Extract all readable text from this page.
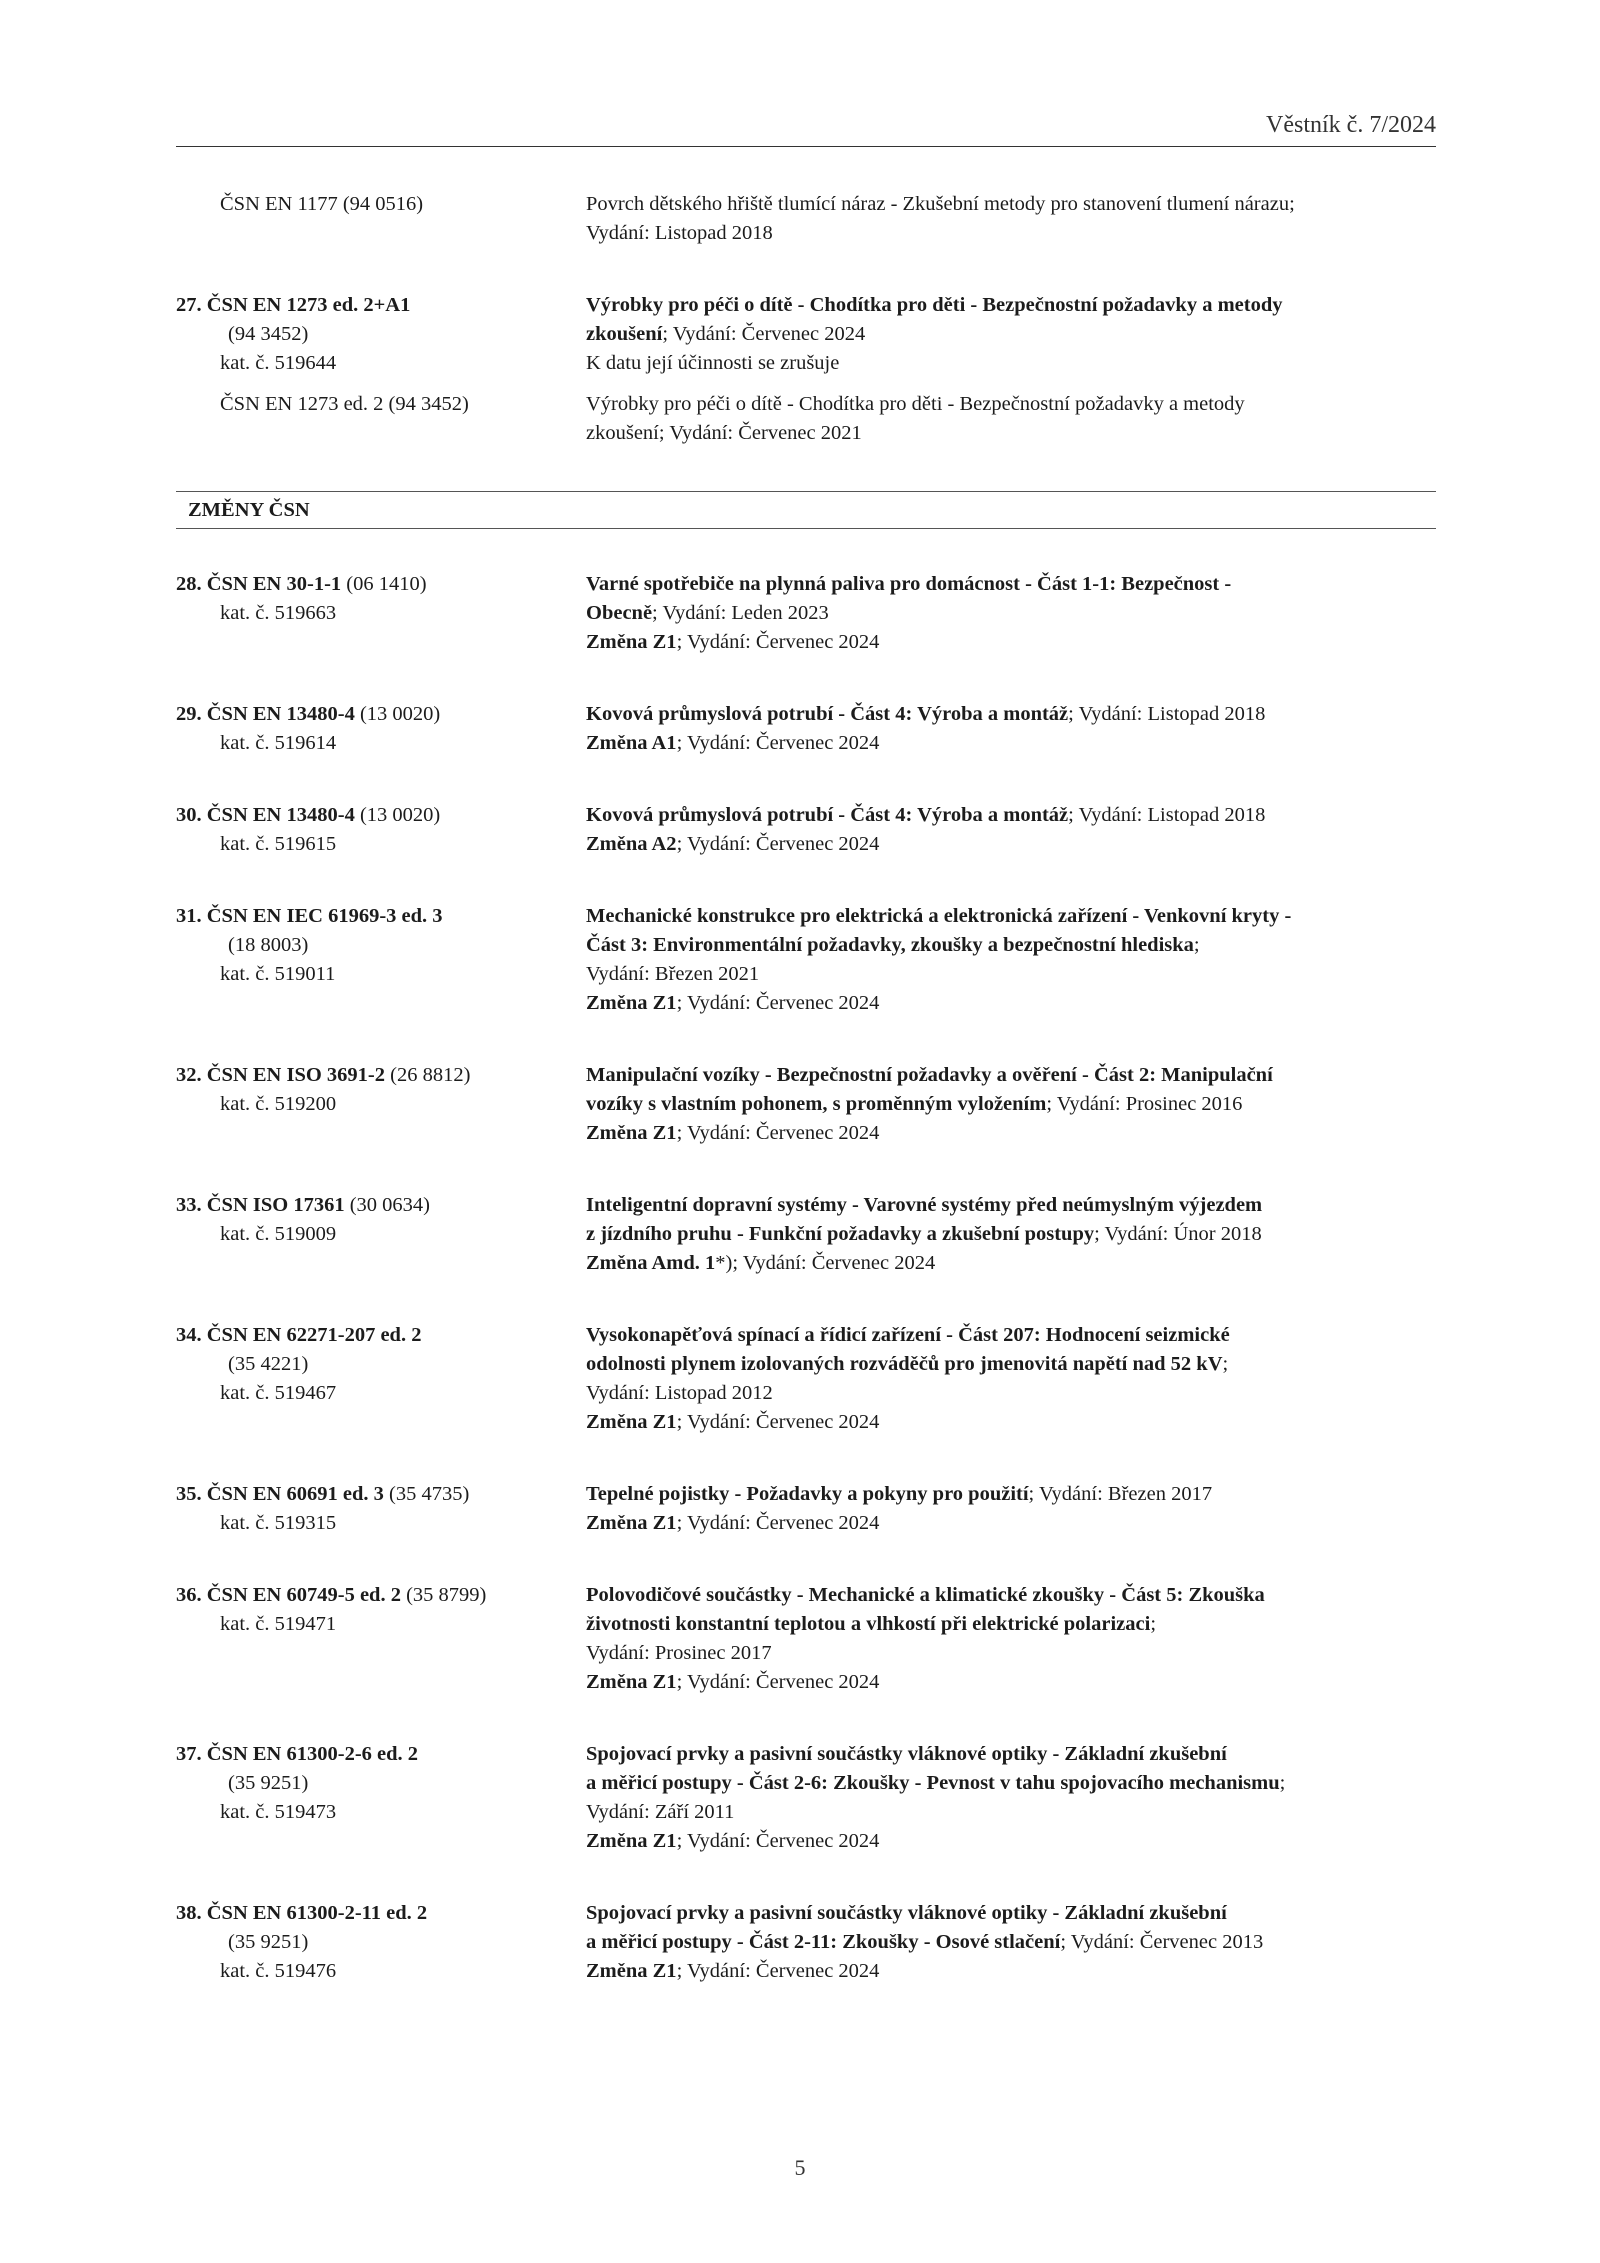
Věstník č. 7/2024
ČSN EN 1177 (94 0516)	Povrch dětského hřiště tlumící náraz - Zkušební metody pro stanovení tlumení nárazu;
Vydání: Listopad 2018
27. ČSN EN 1273 ed. 2+A1
(94 3452)
kat. č. 519644
Výrobky pro péči o dítě - Chodítka pro děti - Bezpečnostní požadavky a metody
zkoušení; Vydání: Červenec 2024
K datu její účinnosti se zrušuje
ČSN EN 1273 ed. 2 (94 3452)	Výrobky pro péči o dítě - Chodítka pro děti - Bezpečnostní požadavky a metody
zkoušení; Vydání: Červenec 2021
ZMĚNY ČSN
28. ČSN EN 30-1-1 (06 1410)
kat. č. 519663
Varné spotřebiče na plynná paliva pro domácnost - Část 1-1: Bezpečnost -
Obecně; Vydání: Leden 2023
Změna Z1; Vydání: Červenec 2024
29. ČSN EN 13480-4 (13 0020)
kat. č. 519614
Kovová průmyslová potrubí - Část 4: Výroba a montáž; Vydání: Listopad 2018
Změna A1; Vydání: Červenec 2024
30. ČSN EN 13480-4 (13 0020)
kat. č. 519615
Kovová průmyslová potrubí - Část 4: Výroba a montáž; Vydání: Listopad 2018
Změna A2; Vydání: Červenec 2024
31. ČSN EN IEC 61969-3 ed. 3
(18 8003)
kat. č. 519011
Mechanické konstrukce pro elektrická a elektronická zařízení - Venkovní kryty -
Část 3: Environmentální požadavky, zkoušky a bezpečnostní hlediska;
Vydání: Březen 2021
Změna Z1; Vydání: Červenec 2024
32. ČSN EN ISO 3691-2 (26 8812)
kat. č. 519200
Manipulační vozíky - Bezpečnostní požadavky a ověření - Část 2: Manipulační
vozíky s vlastním pohonem, s proměnným vyložením; Vydání: Prosinec 2016
Změna Z1; Vydání: Červenec 2024
33. ČSN ISO 17361 (30 0634)
kat. č. 519009
Inteligentní dopravní systémy - Varovné systémy před neúmyslným výjezdem
z jízdního pruhu - Funkční požadavky a zkušební postupy; Vydání: Únor 2018
Změna Amd. 1*); Vydání: Červenec 2024
34. ČSN EN 62271-207 ed. 2
(35 4221)
kat. č. 519467
Vysokonapěťová spínací a řídicí zařízení - Část 207: Hodnocení seizmické
odolnosti plynem izolovaných rozváděčů pro jmenovitá napětí nad 52 kV;
Vydání: Listopad 2012
Změna Z1; Vydání: Červenec 2024
35. ČSN EN 60691 ed. 3 (35 4735)
kat. č. 519315
Tepelné pojistky - Požadavky a pokyny pro použití; Vydání: Březen 2017
Změna Z1; Vydání: Červenec 2024
36. ČSN EN 60749-5 ed. 2 (35 8799)
kat. č. 519471
Polovodičové součástky - Mechanické a klimatické zkoušky - Část 5: Zkouška
životnosti konstantní teplotou a vlhkostí při elektrické polarizaci;
Vydání: Prosinec 2017
Změna Z1; Vydání: Červenec 2024
37. ČSN EN 61300-2-6 ed. 2
(35 9251)
kat. č. 519473
Spojovací prvky a pasivní součástky vláknové optiky - Základní zkušební
a měřicí postupy - Část 2-6: Zkoušky - Pevnost v tahu spojovacího mechanismu;
Vydání: Září 2011
Změna Z1; Vydání: Červenec 2024
38. ČSN EN 61300-2-11 ed. 2
(35 9251)
kat. č. 519476
Spojovací prvky a pasivní součástky vláknové optiky - Základní zkušební
a měřicí postupy - Část 2-11: Zkoušky - Osové stlačení; Vydání: Červenec 2013
Změna Z1; Vydání: Červenec 2024
5
